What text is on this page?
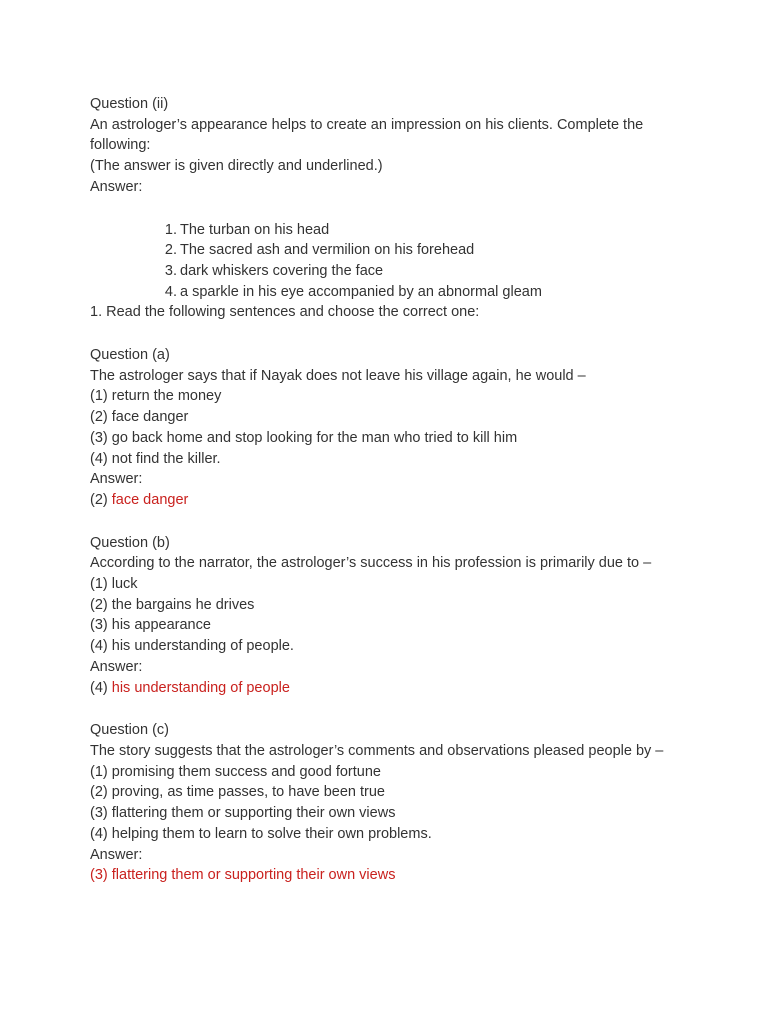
Question (ii)
An astrologer’s appearance helps to create an impression on his clients. Complete the following:
(The answer is given directly and underlined.)
Answer:
1. The turban on his head
2. The sacred ash and vermilion on his forehead
3. dark whiskers covering the face
4. a sparkle in his eye accompanied by an abnormal gleam
1. Read the following sentences and choose the correct one:
Question (a)
The astrologer says that if Nayak does not leave his village again, he would –
(1) return the money
(2) face danger
(3) go back home and stop looking for the man who tried to kill him
(4) not find the killer.
Answer:
(2) face danger
Question (b)
According to the narrator, the astrologer’s success in his profession is primarily due to –
(1) luck
(2) the bargains he drives
(3) his appearance
(4) his understanding of people.
Answer:
(4) his understanding of people
Question (c)
The story suggests that the astrologer’s comments and observations pleased people by –
(1) promising them success and good fortune
(2) proving, as time passes, to have been true
(3) flattering them or supporting their own views
(4) helping them to learn to solve their own problems.
Answer:
(3) flattering them or supporting their own views
